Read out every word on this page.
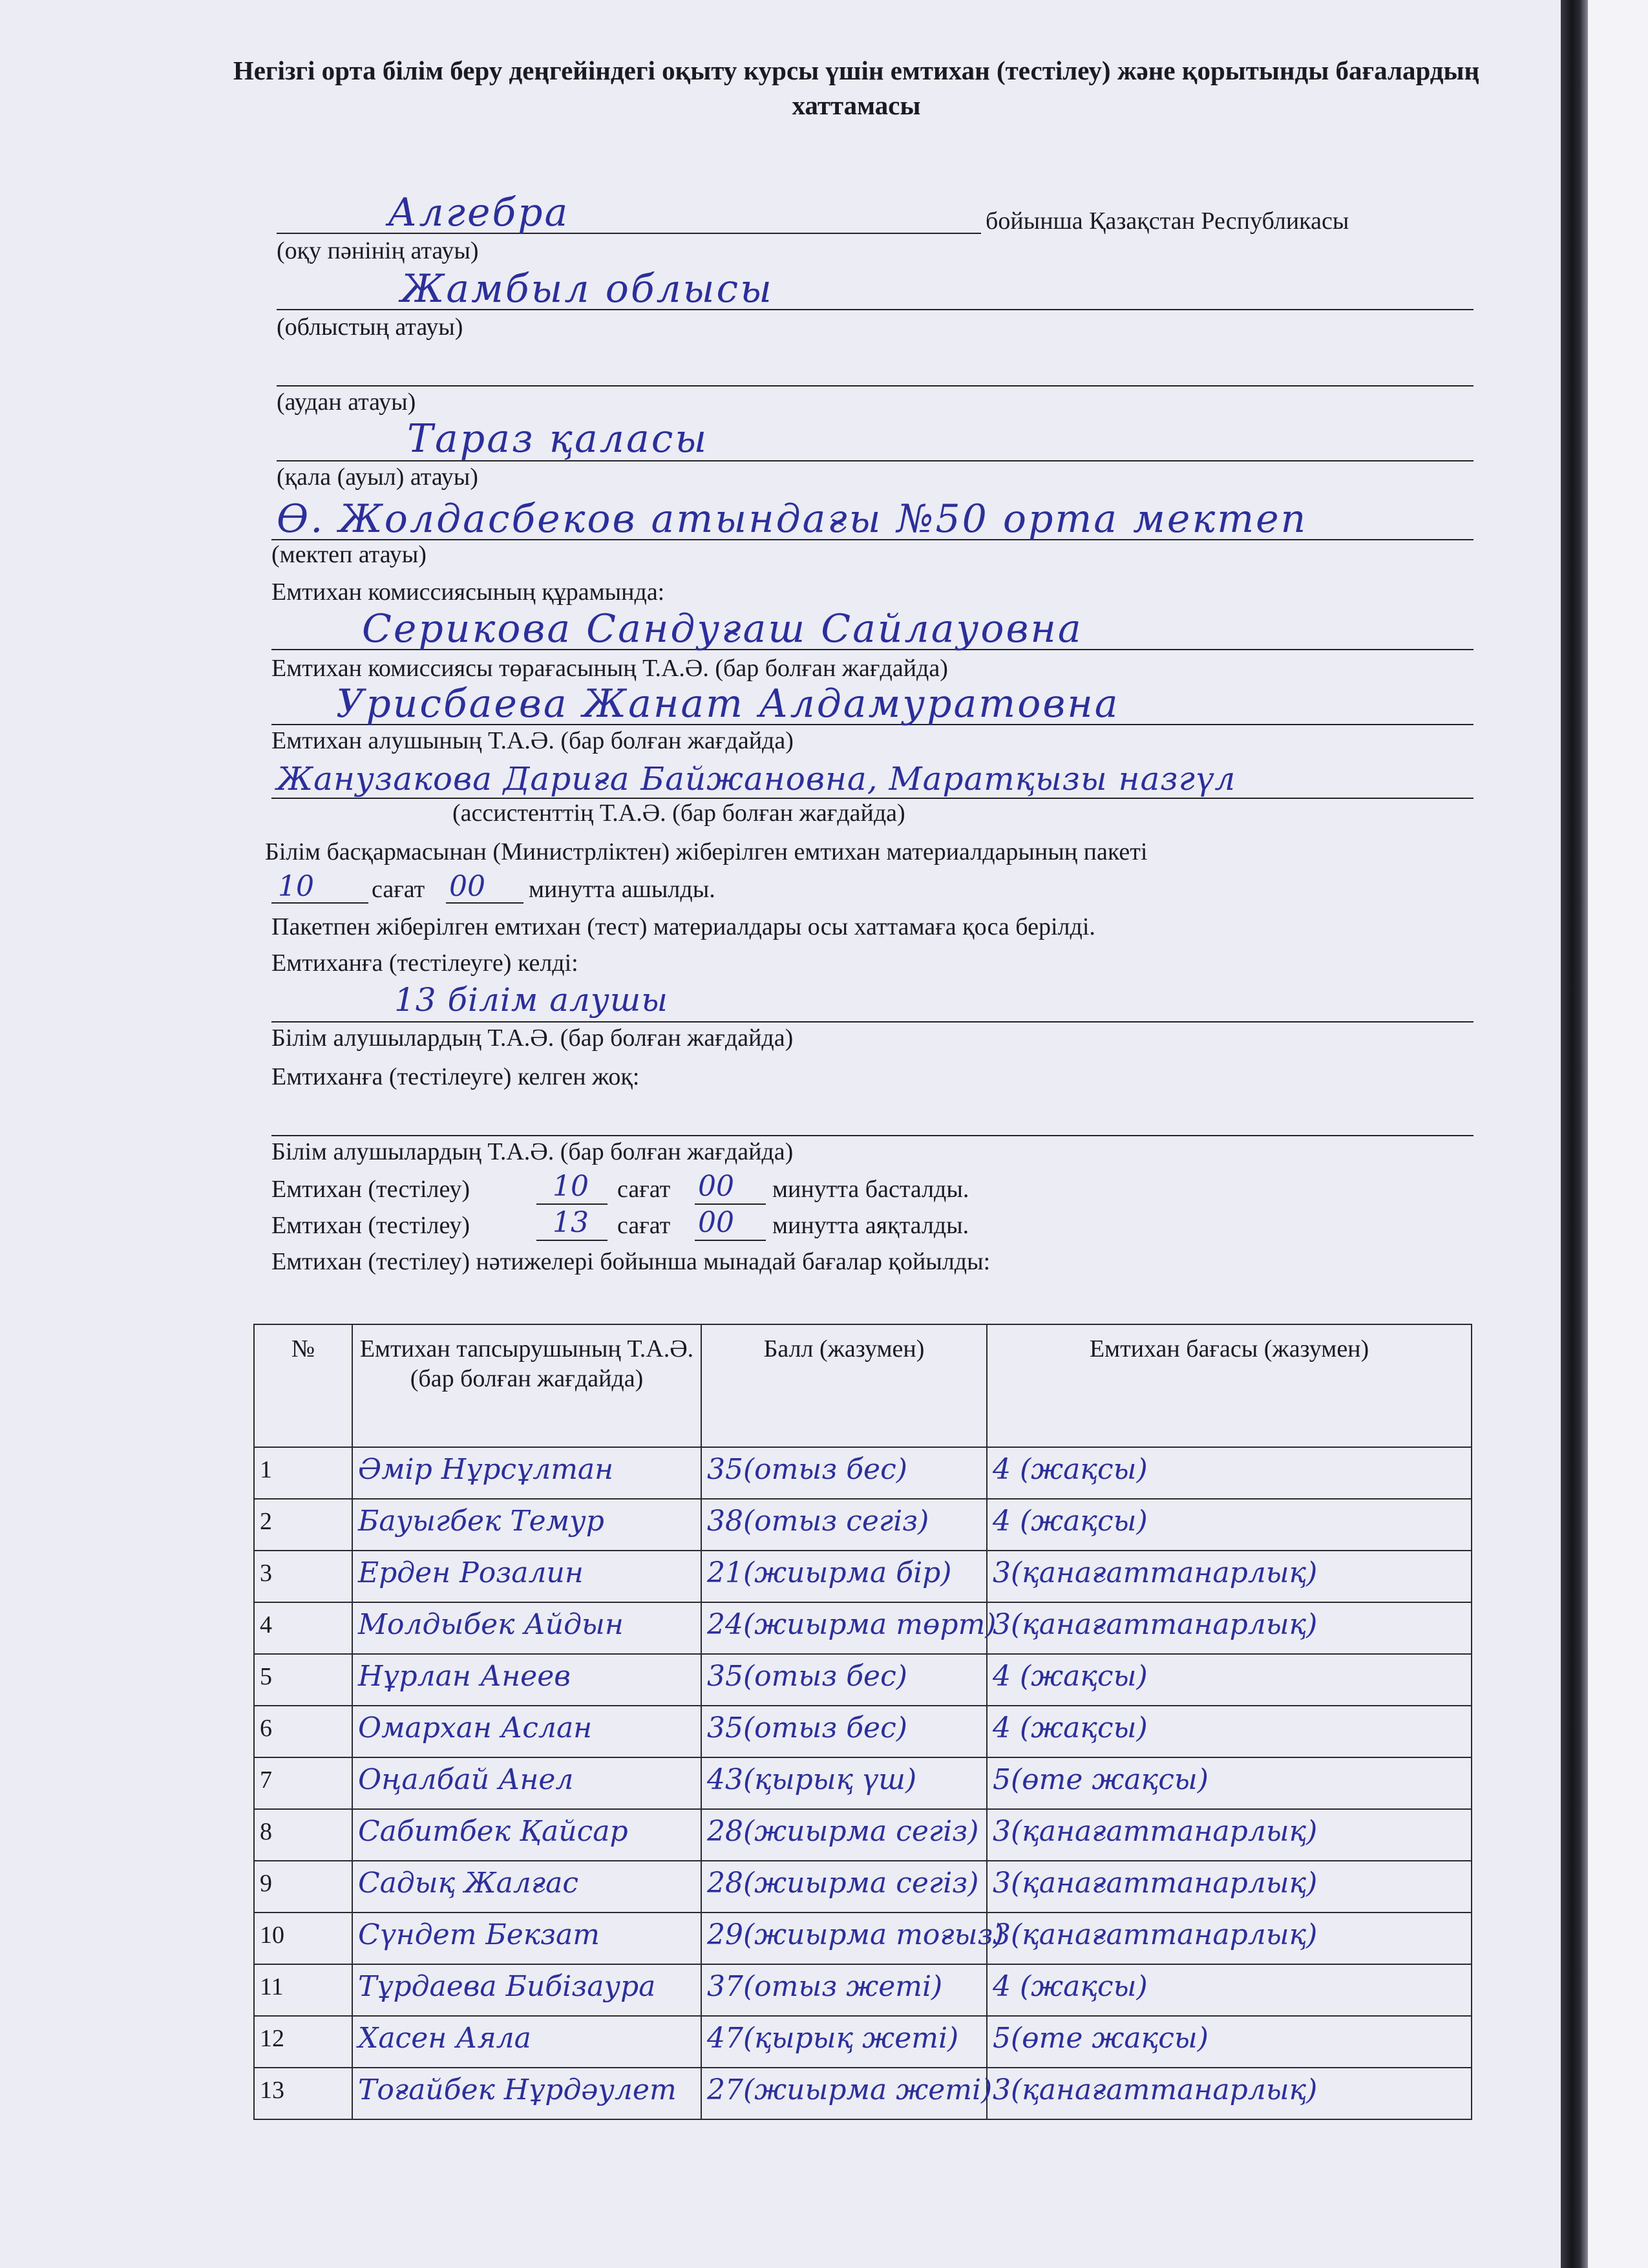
Негізгі орта білім беру деңгейіндегі оқыту курсы үшін емтихан (тестілеу) және қорытынды бағалардың хаттамасы
Алгебра	бойынша Қазақстан Республикасы
(оқу пәнінің атауы)
Жамбыл облысы
(облыстың атауы)
(аудан атауы)
Тараз қаласы
(қала (ауыл) атауы)
Ө. Жолдасбеков атындағы №50 орта мектеп
(мектеп атауы)
Емтихан комиссиясының құрамында:
Серикова Сандуғаш Сайлауовна
Емтихан комиссиясы төрағасының Т.А.Ә. (бар болған жағдайда)
Урисбаева Жанат Алдамуратовна
Емтихан алушының Т.А.Ә. (бар болған жағдайда)
Жанузакова Дариға Байжановна, Маратқызы назгүл
(ассистенттің Т.А.Ә. (бар болған жағдайда)
Білім басқармасынан (Министрліктен) жіберілген емтихан материалдарының пакеті
10 сағат 00 минутта ашылды.
Пакетпен жіберілген емтихан (тест) материалдары осы хаттамаға қоса берілді.
Емтиханға (тестілеуге) келді:
13 білім алушы
Білім алушылардың Т.А.Ә. (бар болған жағдайда)
Емтиханға (тестілеуге) келген жоқ:
Білім алушылардың Т.А.Ә. (бар болған жағдайда)
Емтихан (тестілеу)	10 сағат 00 минутта басталды.
Емтихан (тестілеу)	13 сағат 00 минутта аяқталды.
Емтихан (тестілеу) нәтижелері бойынша мынадай бағалар қойылды:
№	Емтихан тапсырушының Т.А.Ә. (бар болған жағдайда)	Балл (жазумен)	Емтихан бағасы (жазумен)
1	Әмір Нұрсұлтан	35(отыз бес)	4 (жақсы)
2	Бауыгбек Темур	38(отыз сегіз)	4 (жақсы)
3	Ерден Розалин	21(жиырма бір)	3(қанағаттанарлық)
4	Молдыбек Айдын	24(жиырма төрт)	3(қанағаттанарлық)
5	Нұрлан Анеев	35(отыз бес)	4 (жақсы)
6	Омархан Аслан	35(отыз бес)	4 (жақсы)
7	Оңалбай Анел	43(қырық үш)	5(өте жақсы)
8	Сабитбек Қайсар	28(жиырма сегіз)	3(қанағаттанарлық)
9	Садық Жалғас	28(жиырма сегіз)	3(қанағаттанарлық)
10	Сүндет Бекзат	29(жиырма тоғыз)	3(қанағаттанарлық)
11	Тұрдаева Бибізаура	37(отыз жеті)	4 (жақсы)
12	Хасен Аяла	47(қырық жеті)	5(өте жақсы)
13	Тоғайбек Нұрдәулет	27(жиырма жеті)	3(қанағаттанарлық)
